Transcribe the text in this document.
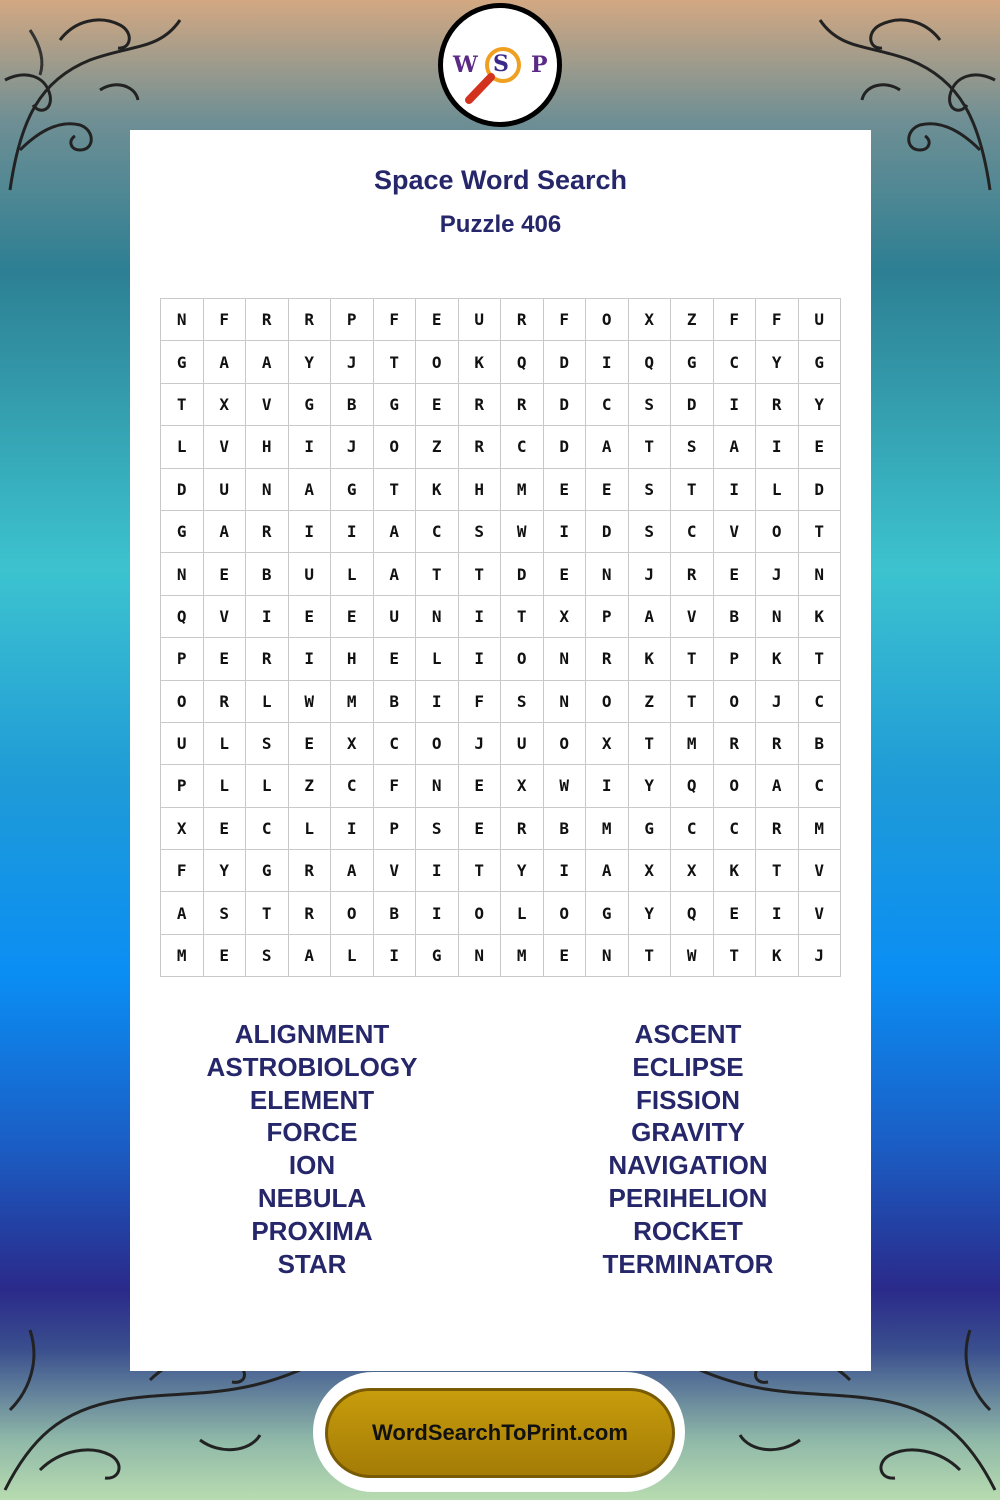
W S P
Space Word Search
Puzzle 406
N	F	R	R	P	F	E	U	R	F	O	X	Z	F	F	U
G	A	A	Y	J	T	O	K	Q	D	I	Q	G	C	Y	G
T	X	V	G	B	G	E	R	R	D	C	S	D	I	R	Y
L	V	H	I	J	O	Z	R	C	D	A	T	S	A	I	E
D	U	N	A	G	T	K	H	M	E	E	S	T	I	L	D
G	A	R	I	I	A	C	S	W	I	D	S	C	V	O	T
N	E	B	U	L	A	T	T	D	E	N	J	R	E	J	N
Q	V	I	E	E	U	N	I	T	X	P	A	V	B	N	K
P	E	R	I	H	E	L	I	O	N	R	K	T	P	K	T
O	R	L	W	M	B	I	F	S	N	O	Z	T	O	J	C
U	L	S	E	X	C	O	J	U	O	X	T	M	R	R	B
P	L	L	Z	C	F	N	E	X	W	I	Y	Q	O	A	C
X	E	C	L	I	P	S	E	R	B	M	G	C	C	R	M
F	Y	G	R	A	V	I	T	Y	I	A	X	X	K	T	V
A	S	T	R	O	B	I	O	L	O	G	Y	Q	E	I	V
M	E	S	A	L	I	G	N	M	E	N	T	W	T	K	J
ALIGNMENT
ASTROBIOLOGY
ELEMENT
FORCE
ION
NEBULA
PROXIMA
STAR
ASCENT
ECLIPSE
FISSION
GRAVITY
NAVIGATION
PERIHELION
ROCKET
TERMINATOR
WordSearchToPrint.com
